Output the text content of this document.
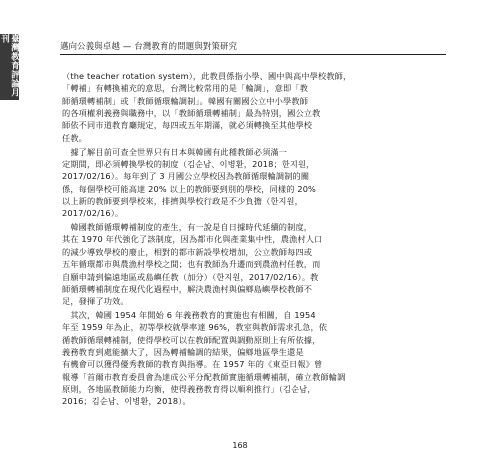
臺灣教育評論月刊
邁向公義與卓越 — 台灣教育的問題與對策研究
（the teacher rotation system），此教員係指小學、國中與高中學校教師，
「轉補」有轉換補充的意思，台灣比較常用的是「輪調」，意即「教
師循環轉補制」或「教師循環輪調制」。韓國有關國公立中小學教師
的各項權利義務與職務中，以「教師循環轉補制」最為特別，國公立教
師依不同市道教育廳規定，每四或五年期滿，就必須轉換至其他學校
任教。
　據了解目前可查全世界只有日本與韓國有此種教師必須滿一
定期間，即必須轉換學校的制度（김순남、이병환，2018；한지원，
2017/02/16）。每年到了 3 月國公立學校因為教師循環輪調制的關
係，每個學校可能高達 20% 以上的教師要到別的學校，同樣的 20%
以上新的教師要到學校來，排擠與學校行政是不少負擔（한지원，
2017/02/16）。
　韓國教師循環轉補制度的產生，有一說是自日據時代延續的制度，
其在 1970 年代強化了該制度，因為都市化與產業集中性，農漁村人口
的減少導致學校的廢止，相對的都市新設學校增加，公立教師每四或
五年循環都市與農漁村學校之間；也有教師為升遷而到農漁村任教，而
自願申請到偏遠地區或島嶼任教（加分）（한지원，2017/02/16）。教
師循環轉補制度在現代化過程中，解決農漁村與偏鄉島嶼學校教師不
足，發揮了功效。
　其次，韓國 1954 年開始 6 年義務教育的實施也有相關，自 1954
年至 1959 年為止，初等學校就學率達 96%，教室與教師需求孔急，依
循教師循環轉補制，使得學校可以在教師配置與調動原則上有所依據，
義務教育到處能擴大了，因為轉補輪調的結果，偏鄉地區學生還是
有機會可以獲得優秀教師的教育與指導。在 1957 年的《東亞日報》曾
報導「首爾市教育委員會為達成公平分配教師實施循環轉補制，確立教師輪調
原則，各地區教師能力均衡，使得義務教育得以順利推行」（김순남，
2016；김순남、이병환，2018）。
168
